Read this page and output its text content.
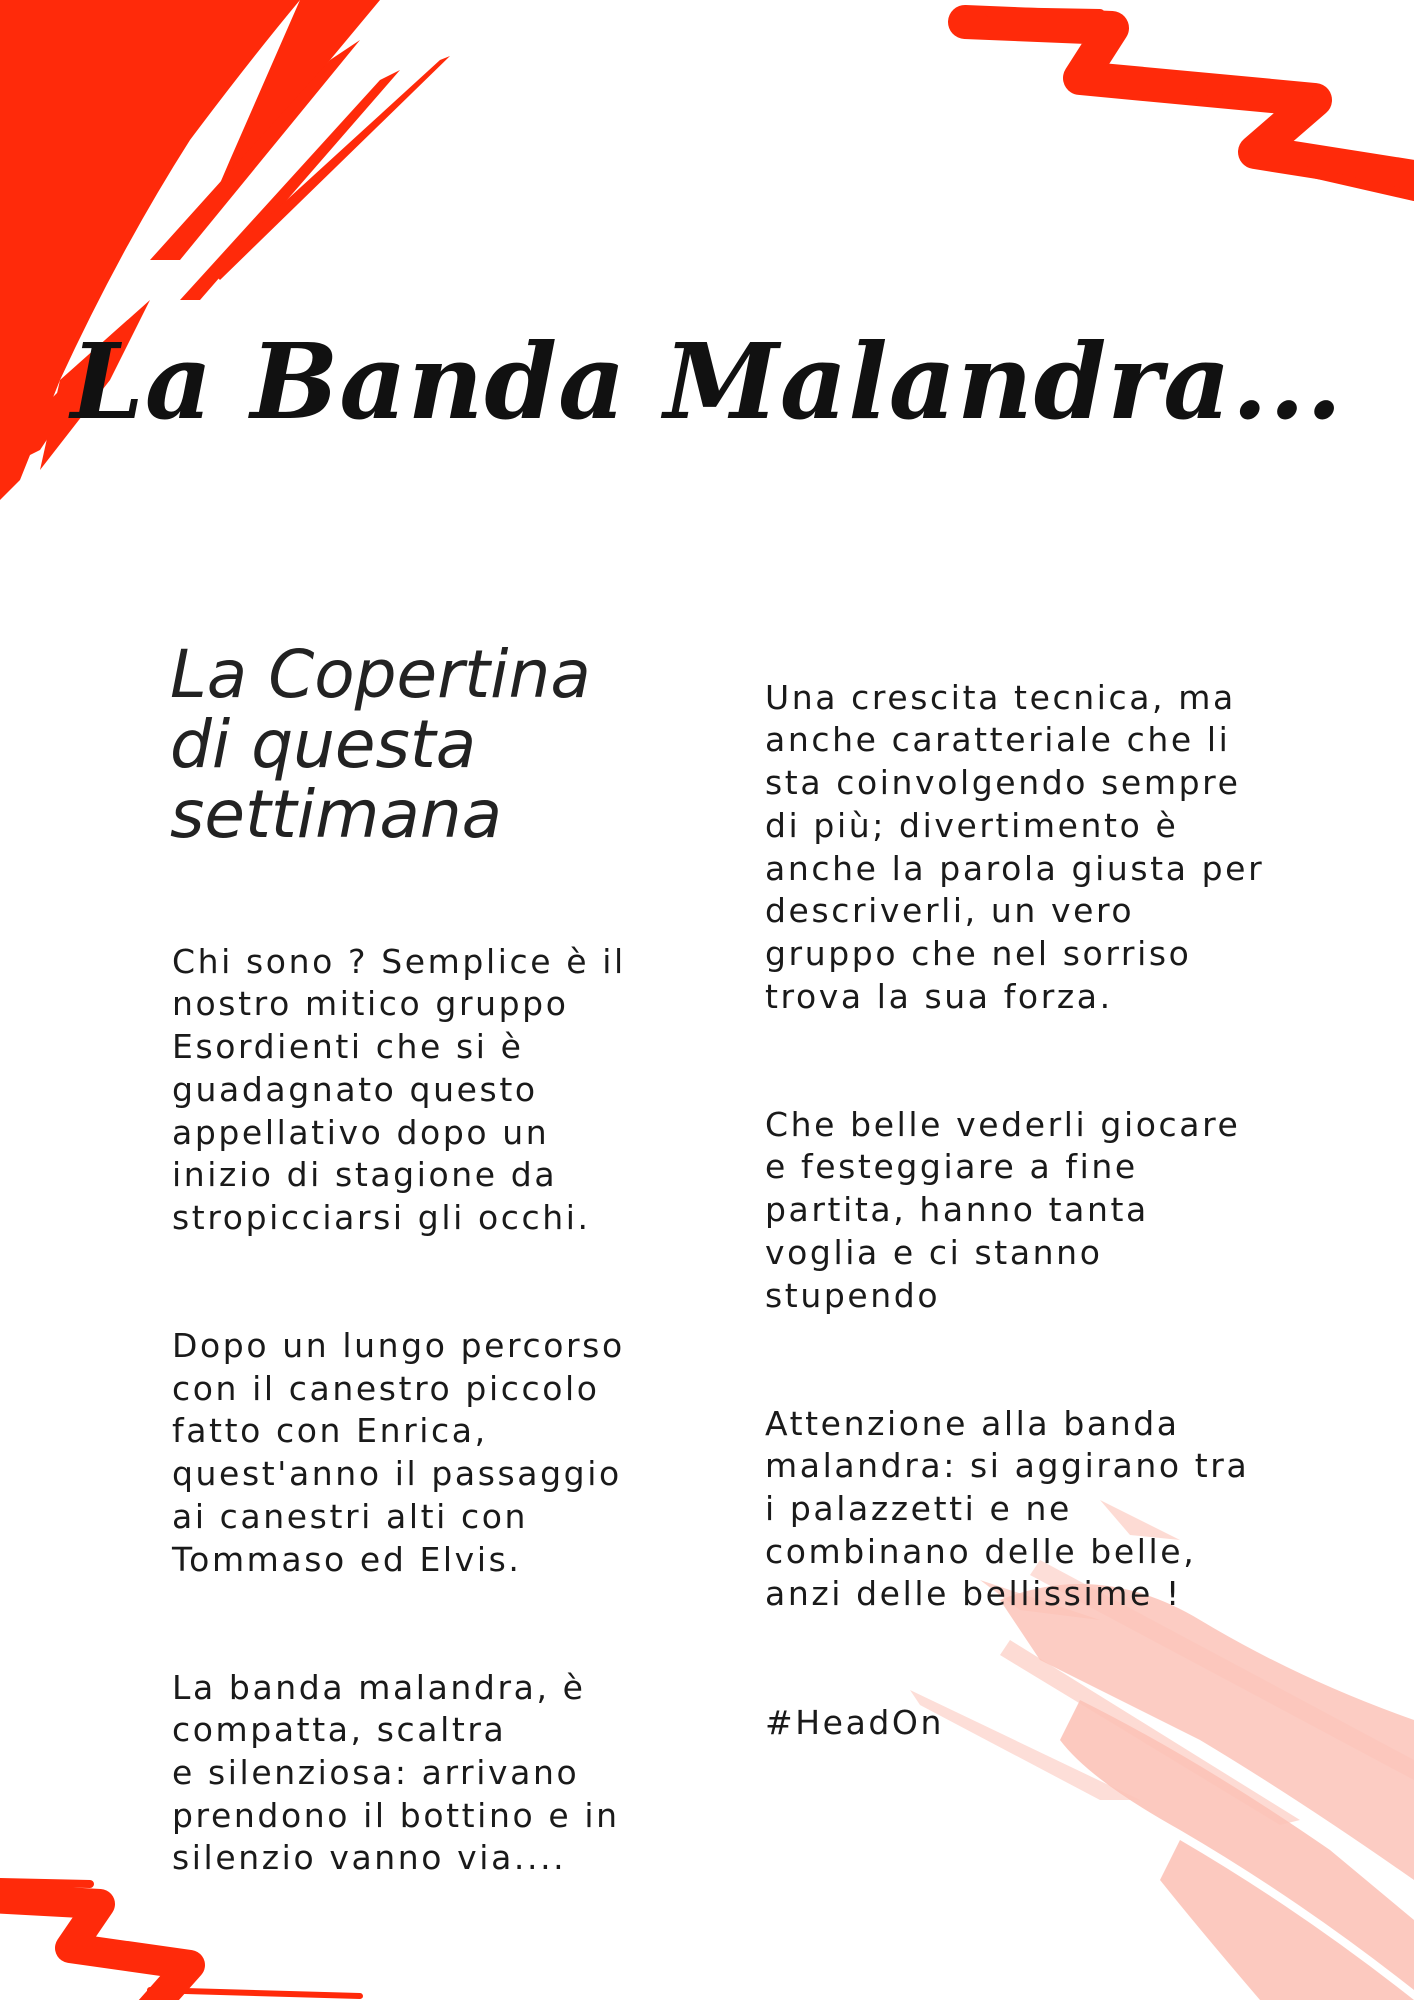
La Banda Malandra...
La Copertina
di questa
settimana

Chi sono ? Semplice è il
nostro mitico gruppo
Esordienti che si è
guadagnato questo
appellativo dopo un
inizio di stagione da
stropicciarsi gli occhi.

Dopo un lungo percorso
con il canestro piccolo
fatto con Enrica,
quest'anno il passaggio
ai canestri alti con
Tommaso ed Elvis.

La banda malandra, è
compatta, scaltra
e silenziosa: arrivano
prendono il bottino e in
silenzio vanno via....

Una crescita tecnica, ma
anche caratteriale che li
sta coinvolgendo sempre
di più; divertimento è
anche la parola giusta per
descriverli, un vero
gruppo che nel sorriso
trova la sua forza.

Che belle vederli giocare
e festeggiare a fine
partita, hanno tanta
voglia e ci stanno
stupendo

Attenzione alla banda
malandra: si aggirano tra
i palazzetti e ne
combinano delle belle,
anzi delle bellissime !

#HeadOn
